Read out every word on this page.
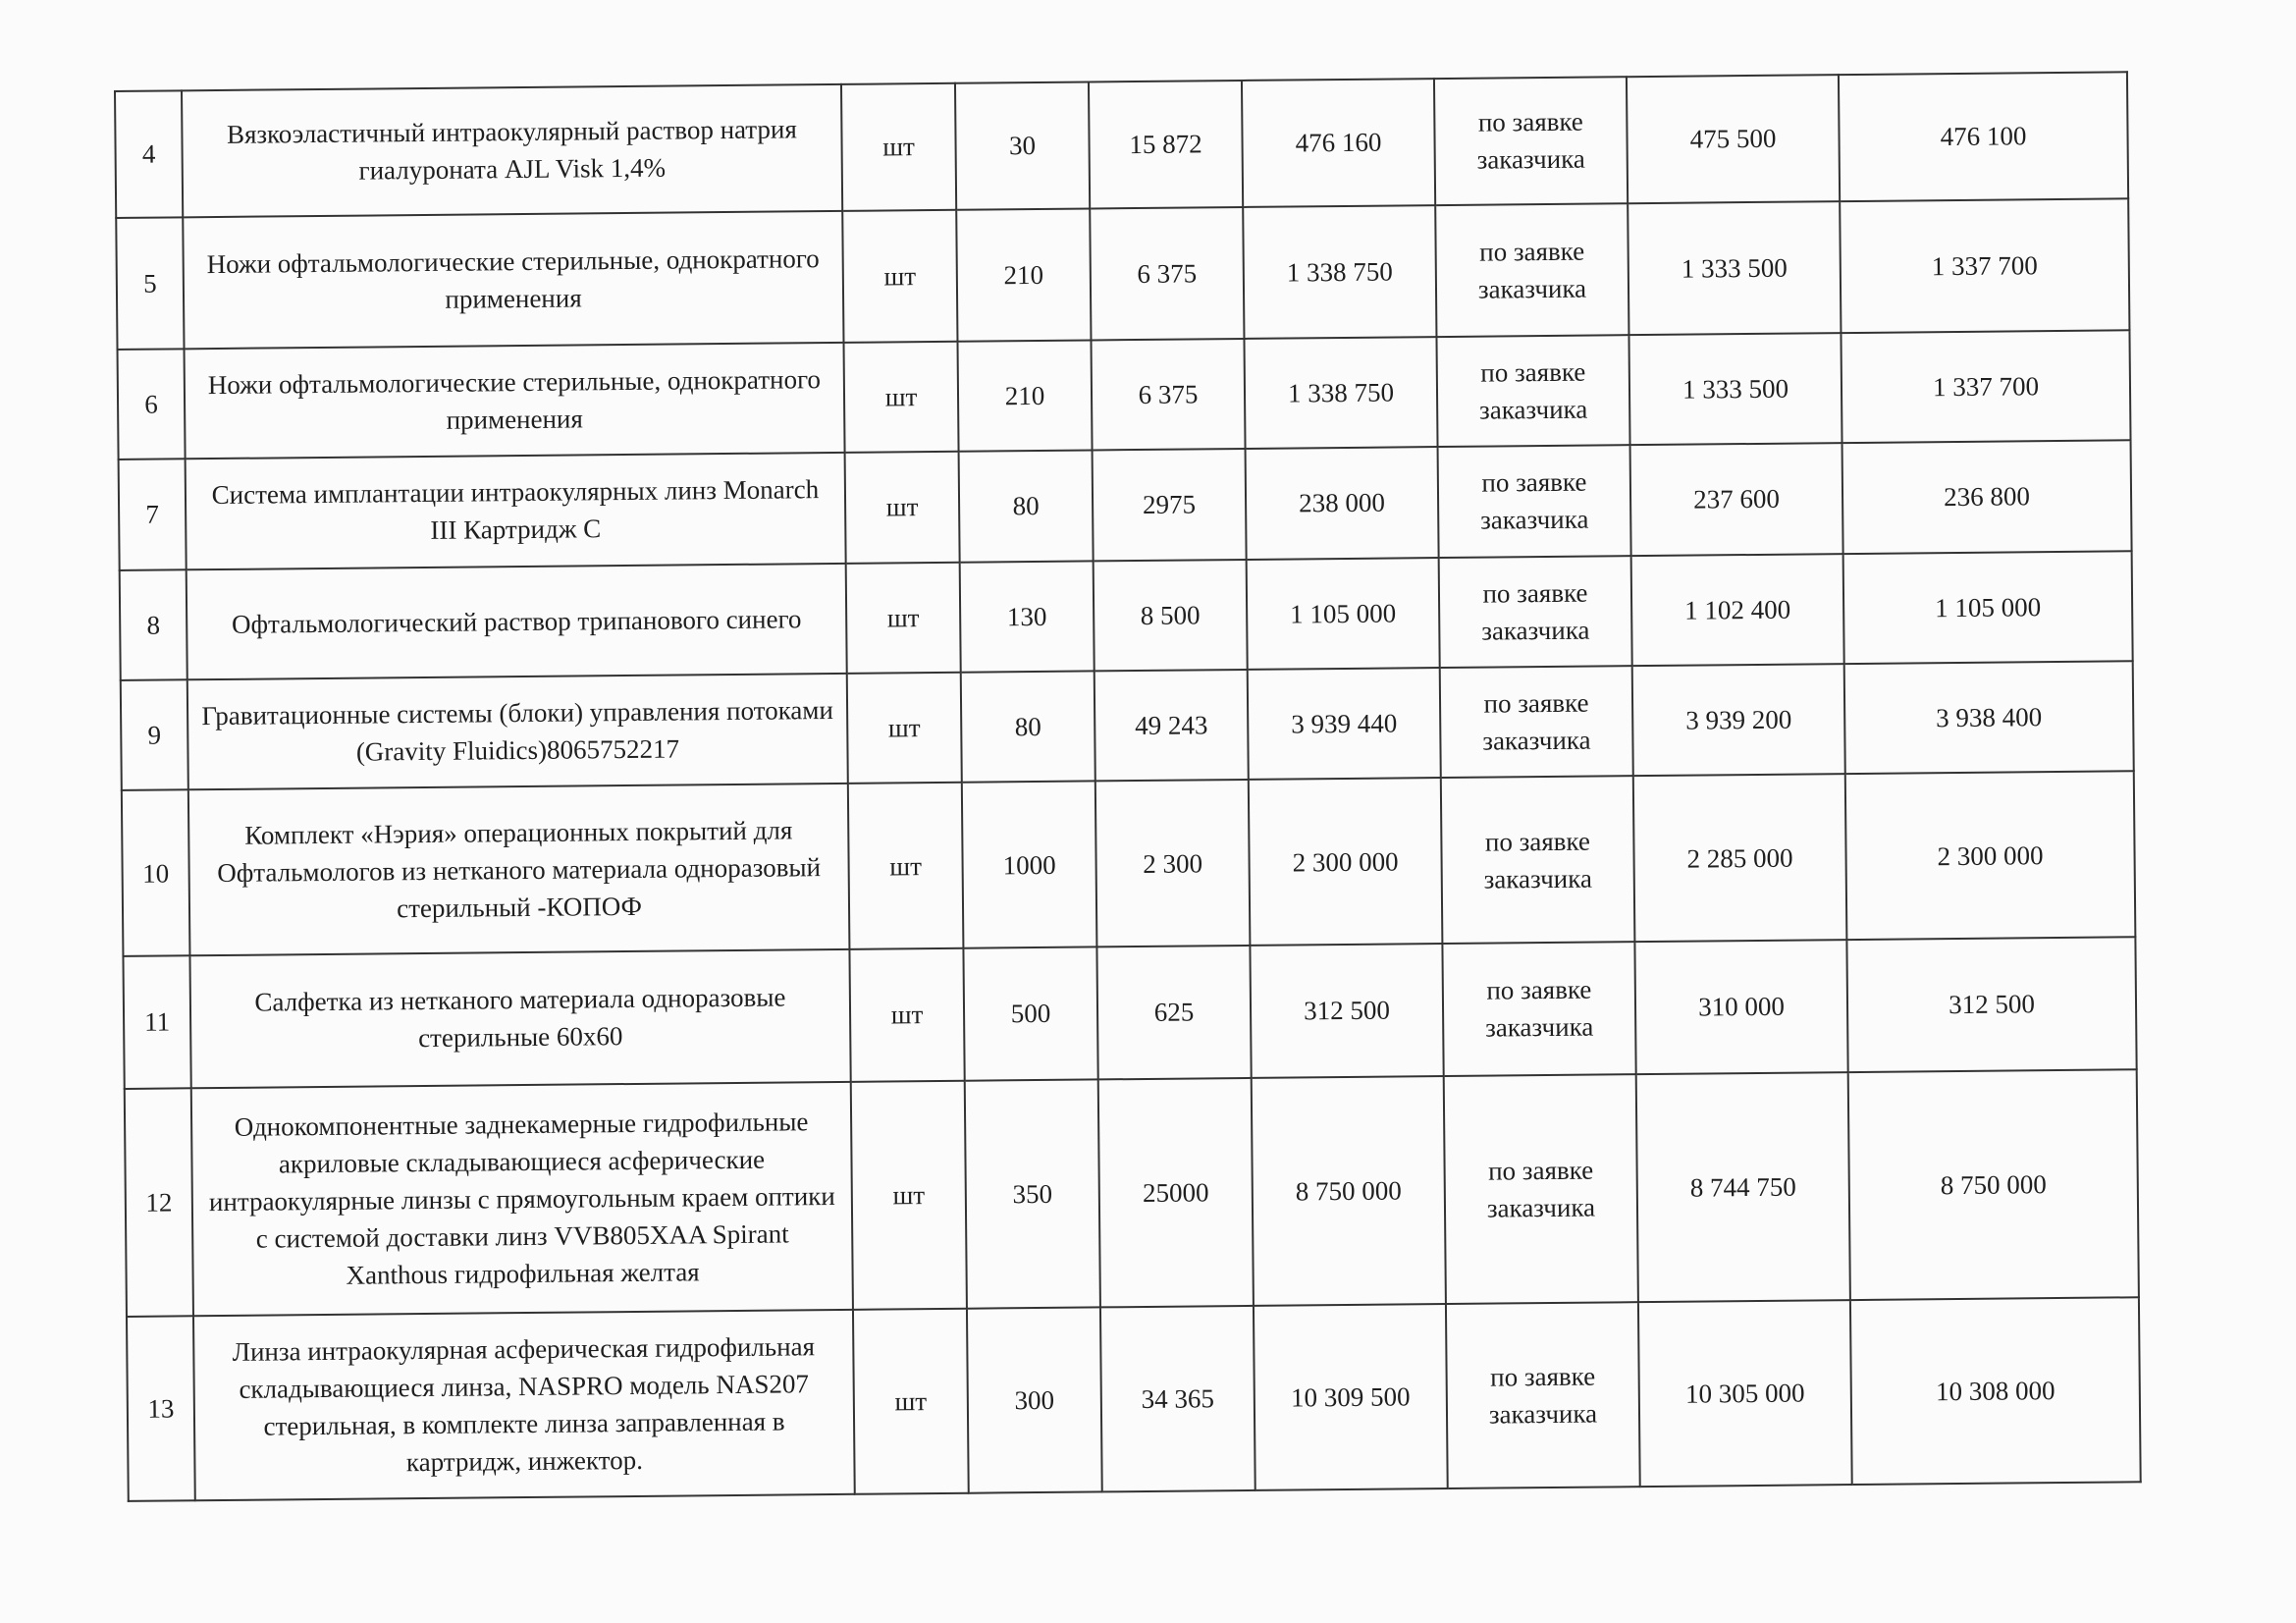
4	Вязкоэластичный интраокулярный раствор натрия гиалуроната AJL Visk 1,4%	шт	30	15 872	476 160	по заявке заказчика	475 500	476 100
5	Ножи офтальмологические стерильные, однократного применения	шт	210	6 375	1 338 750	по заявке заказчика	1 333 500	1 337 700
6	Ножи офтальмологические стерильные, однократного применения	шт	210	6 375	1 338 750	по заявке заказчика	1 333 500	1 337 700
7	Система имплантации интраокулярных линз Monarch III Картридж С	шт	80	2975	238 000	по заявке заказчика	237 600	236 800
8	Офтальмологический раствор трипанового синего	шт	130	8 500	1 105 000	по заявке заказчика	1 102 400	1 105 000
9	Гравитационные системы (блоки) управления потоками (Gravity Fluidics)8065752217	шт	80	49 243	3 939 440	по заявке заказчика	3 939 200	3 938 400
10	Комплект «Нэрия» операционных покрытий для Офтальмологов из нетканого материала одноразовый стерильный -КОПОФ	шт	1000	2 300	2 300 000	по заявке заказчика	2 285 000	2 300 000
11	Салфетка из нетканого материала одноразовые стерильные 60х60	шт	500	625	312 500	по заявке заказчика	310 000	312 500
12	Однокомпонентные заднекамерные гидрофильные акриловые складывающиеся асферические интраокулярные линзы с прямоугольным краем оптики с системой доставки линз VVB805XAA Spirant Xanthous гидрофильная желтая	шт	350	25000	8 750 000	по заявке заказчика	8 744 750	8 750 000
13	Линза интраокулярная асферическая гидрофильная складывающиеся линза, NASPRO модель NAS207 стерильная, в комплекте линза заправленная в картридж, инжектор.	шт	300	34 365	10 309 500	по заявке заказчика	10 305 000	10 308 000
